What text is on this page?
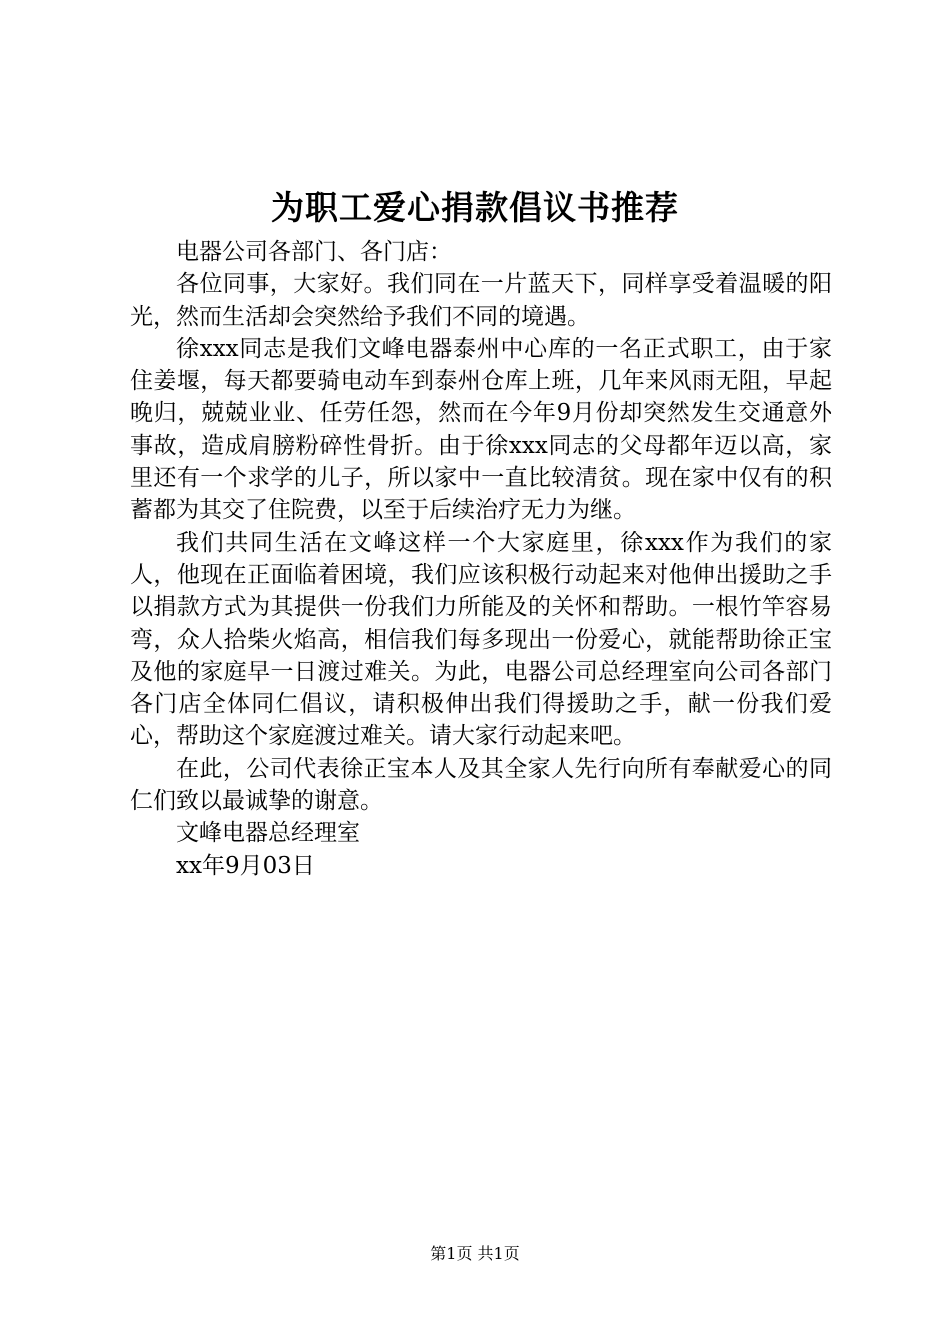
为职工爱心捐款倡议书推荐

电器公司各部门、各门店：

各位同事，大家好。我们同在一片蓝天下，同样享受着温暖的阳光，然而生活却会突然给予我们不同的境遇。

徐xxx同志是我们文峰电器泰州中心库的一名正式职工，由于家住姜堰，每天都要骑电动车到泰州仓库上班，几年来风雨无阻，早起晚归，兢兢业业、任劳任怨，然而在今年9月份却突然发生交通意外事故，造成肩膀粉碎性骨折。由于徐xxx同志的父母都年迈以高，家里还有一个求学的儿子，所以家中一直比较清贫。现在家中仅有的积蓄都为其交了住院费，以至于后续治疗无力为继。

我们共同生活在文峰这样一个大家庭里，徐xxx作为我们的家人，他现在正面临着困境，我们应该积极行动起来对他伸出援助之手以捐款方式为其提供一份我们力所能及的关怀和帮助。一根竹竿容易弯，众人拾柴火焰高，相信我们每多现出一份爱心，就能帮助徐正宝及他的家庭早一日渡过难关。为此，电器公司总经理室向公司各部门各门店全体同仁倡议，请积极伸出我们得援助之手，献一份我们爱心，帮助这个家庭渡过难关。请大家行动起来吧。

在此，公司代表徐正宝本人及其全家人先行向所有奉献爱心的同仁们致以最诚挚的谢意。

文峰电器总经理室

xx年9月03日

第1页 共1页
